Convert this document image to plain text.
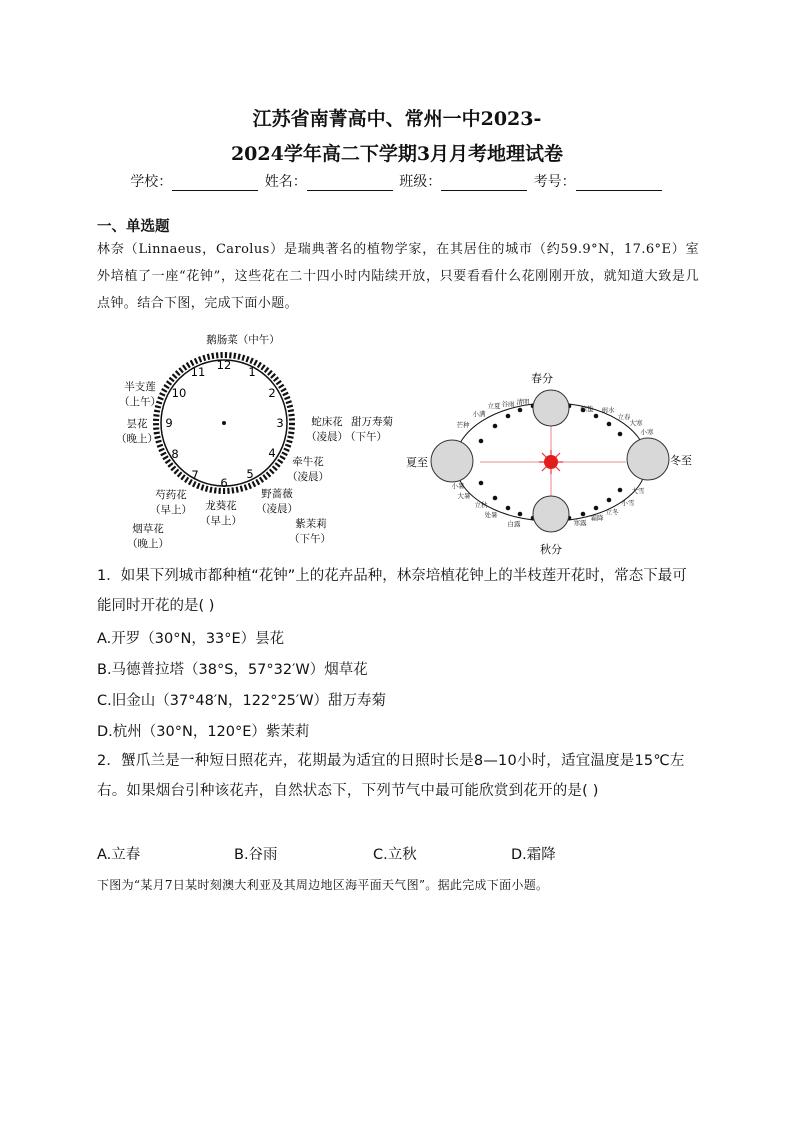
江苏省南菁高中、常州一中2023-
2024学年高二下学期3月月考地理试卷
学校：	姓名：	班级：	考号：
一、单选题
林奈（Linnaeus，Carolus）是瑞典著名的植物学家，在其居住的城市（约59.9°N，17.6°E）室外培植了一座“花钟”，这些花在二十四小时内陆续开放，只要看看什么花刚刚开放，就知道大致是几点钟。结合下图，完成下面小题。
12 1
2
3
4
5
6
7
8
9
10
11
鹅肠菜（中午）
蛇床花
（凌晨）
甜万寿菊
（下午）
牵牛花
（凌晨）
野蔷薇
（凌晨）
紫茉莉
（下午）
龙葵花
（早上）
芍药花
（早上）
烟草花
（晚上）
昙花
（晚上）
半支莲
（上午）
春分
夏至
秋分
冬至
芒种
小满
立夏 谷雨 清明
惊蛰 雨水
立春
大寒
小寒
小暑
大暑
立秋
处暑
白露	寒露
霜降
立冬
小雪
大雪
1．如果下列城市都种植“花钟”上的花卉品种，林奈培植花钟上的半枝莲开花时，常态下最可能同时开花的是( )
A.开罗（30°N，33°E）昙花
B.马德普拉塔（38°S，57°32′W）烟草花
C.旧金山（37°48′N，122°25′W）甜万寿菊
D.杭州（30°N，120°E）紫茉莉
2．蟹爪兰是一种短日照花卉，花期最为适宜的日照时长是8—10小时，适宜温度是15℃左右。如果烟台引种该花卉，自然状态下，下列节气中最可能欣赏到花开的是( )
A.立春	B.谷雨	C.立秋	D.霜降
下图为“某月7日某时刻澳大利亚及其周边地区海平面天气图”。据此完成下面小题。
